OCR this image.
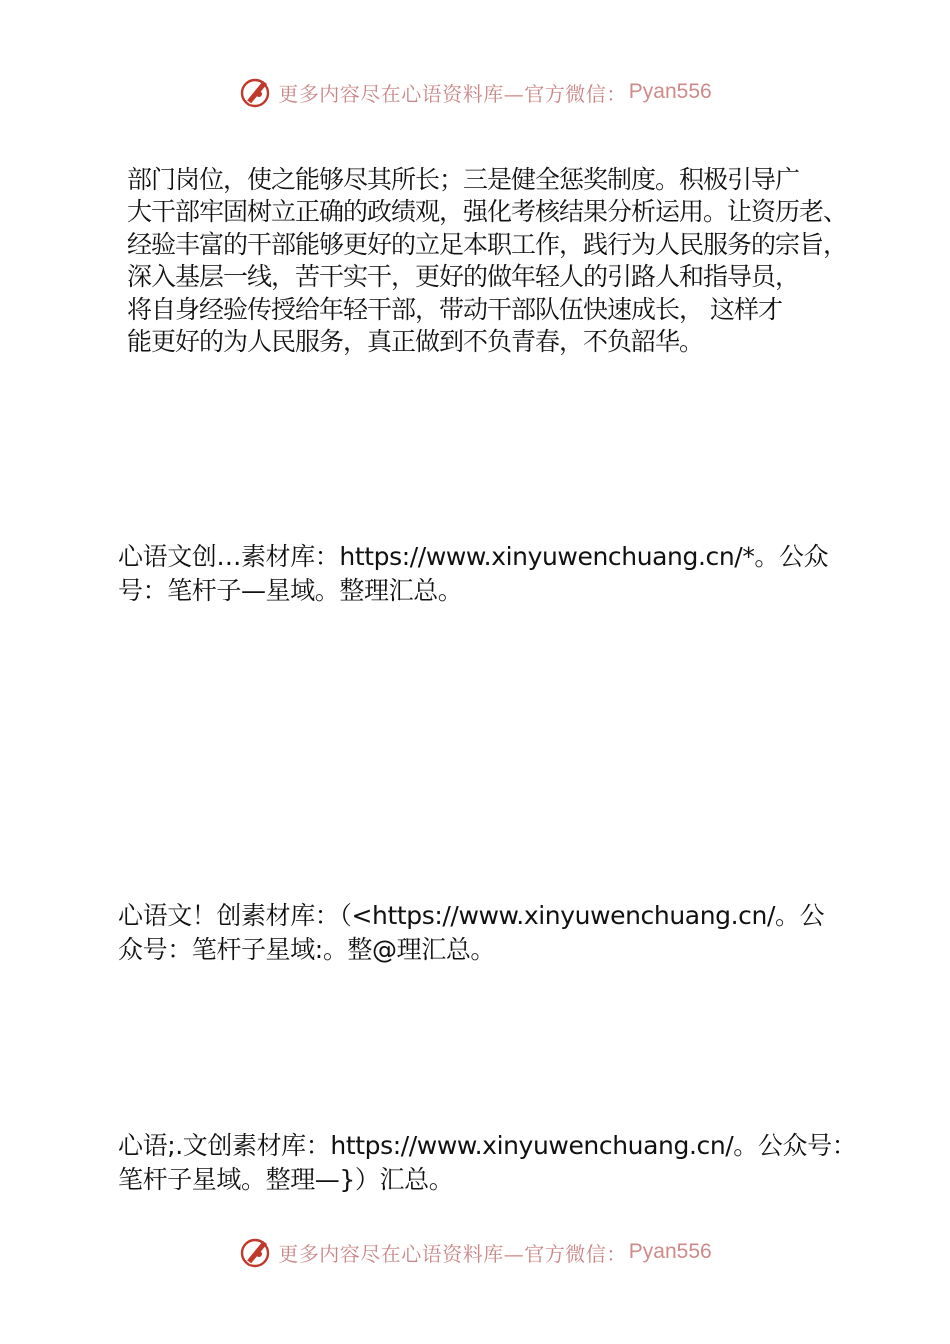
更多内容尽在心语资料库—官方微信： Pyan556
部门岗位，使之能够尽其所长；三是健全惩奖制度。积极引导广
大干部牢固树立正确的政绩观，强化考核结果分析运用。让资历老、
经验丰富的干部能够更好的立足本职工作，践行为人民服务的宗旨，
深入基层一线，苦干实干，更好的做年轻人的引路人和指导员，
将自身经验传授给年轻干部，带动干部队伍快速成长， 这样才
能更好的为人民服务，真正做到不负青春，不负韶华。
心语文创…素材库：https://www.xinyuwenchuang.cn/*。公众
号：笔杆子—星域。整理汇总。
心语文！创素材库：（<https://www.xinyuwenchuang.cn/。公
众号：笔杆子星域:。整@理汇总。
心语;.文创素材库：https://www.xinyuwenchuang.cn/。公众号：
笔杆子星域。整理—}）汇总。
更多内容尽在心语资料库—官方微信： Pyan556
